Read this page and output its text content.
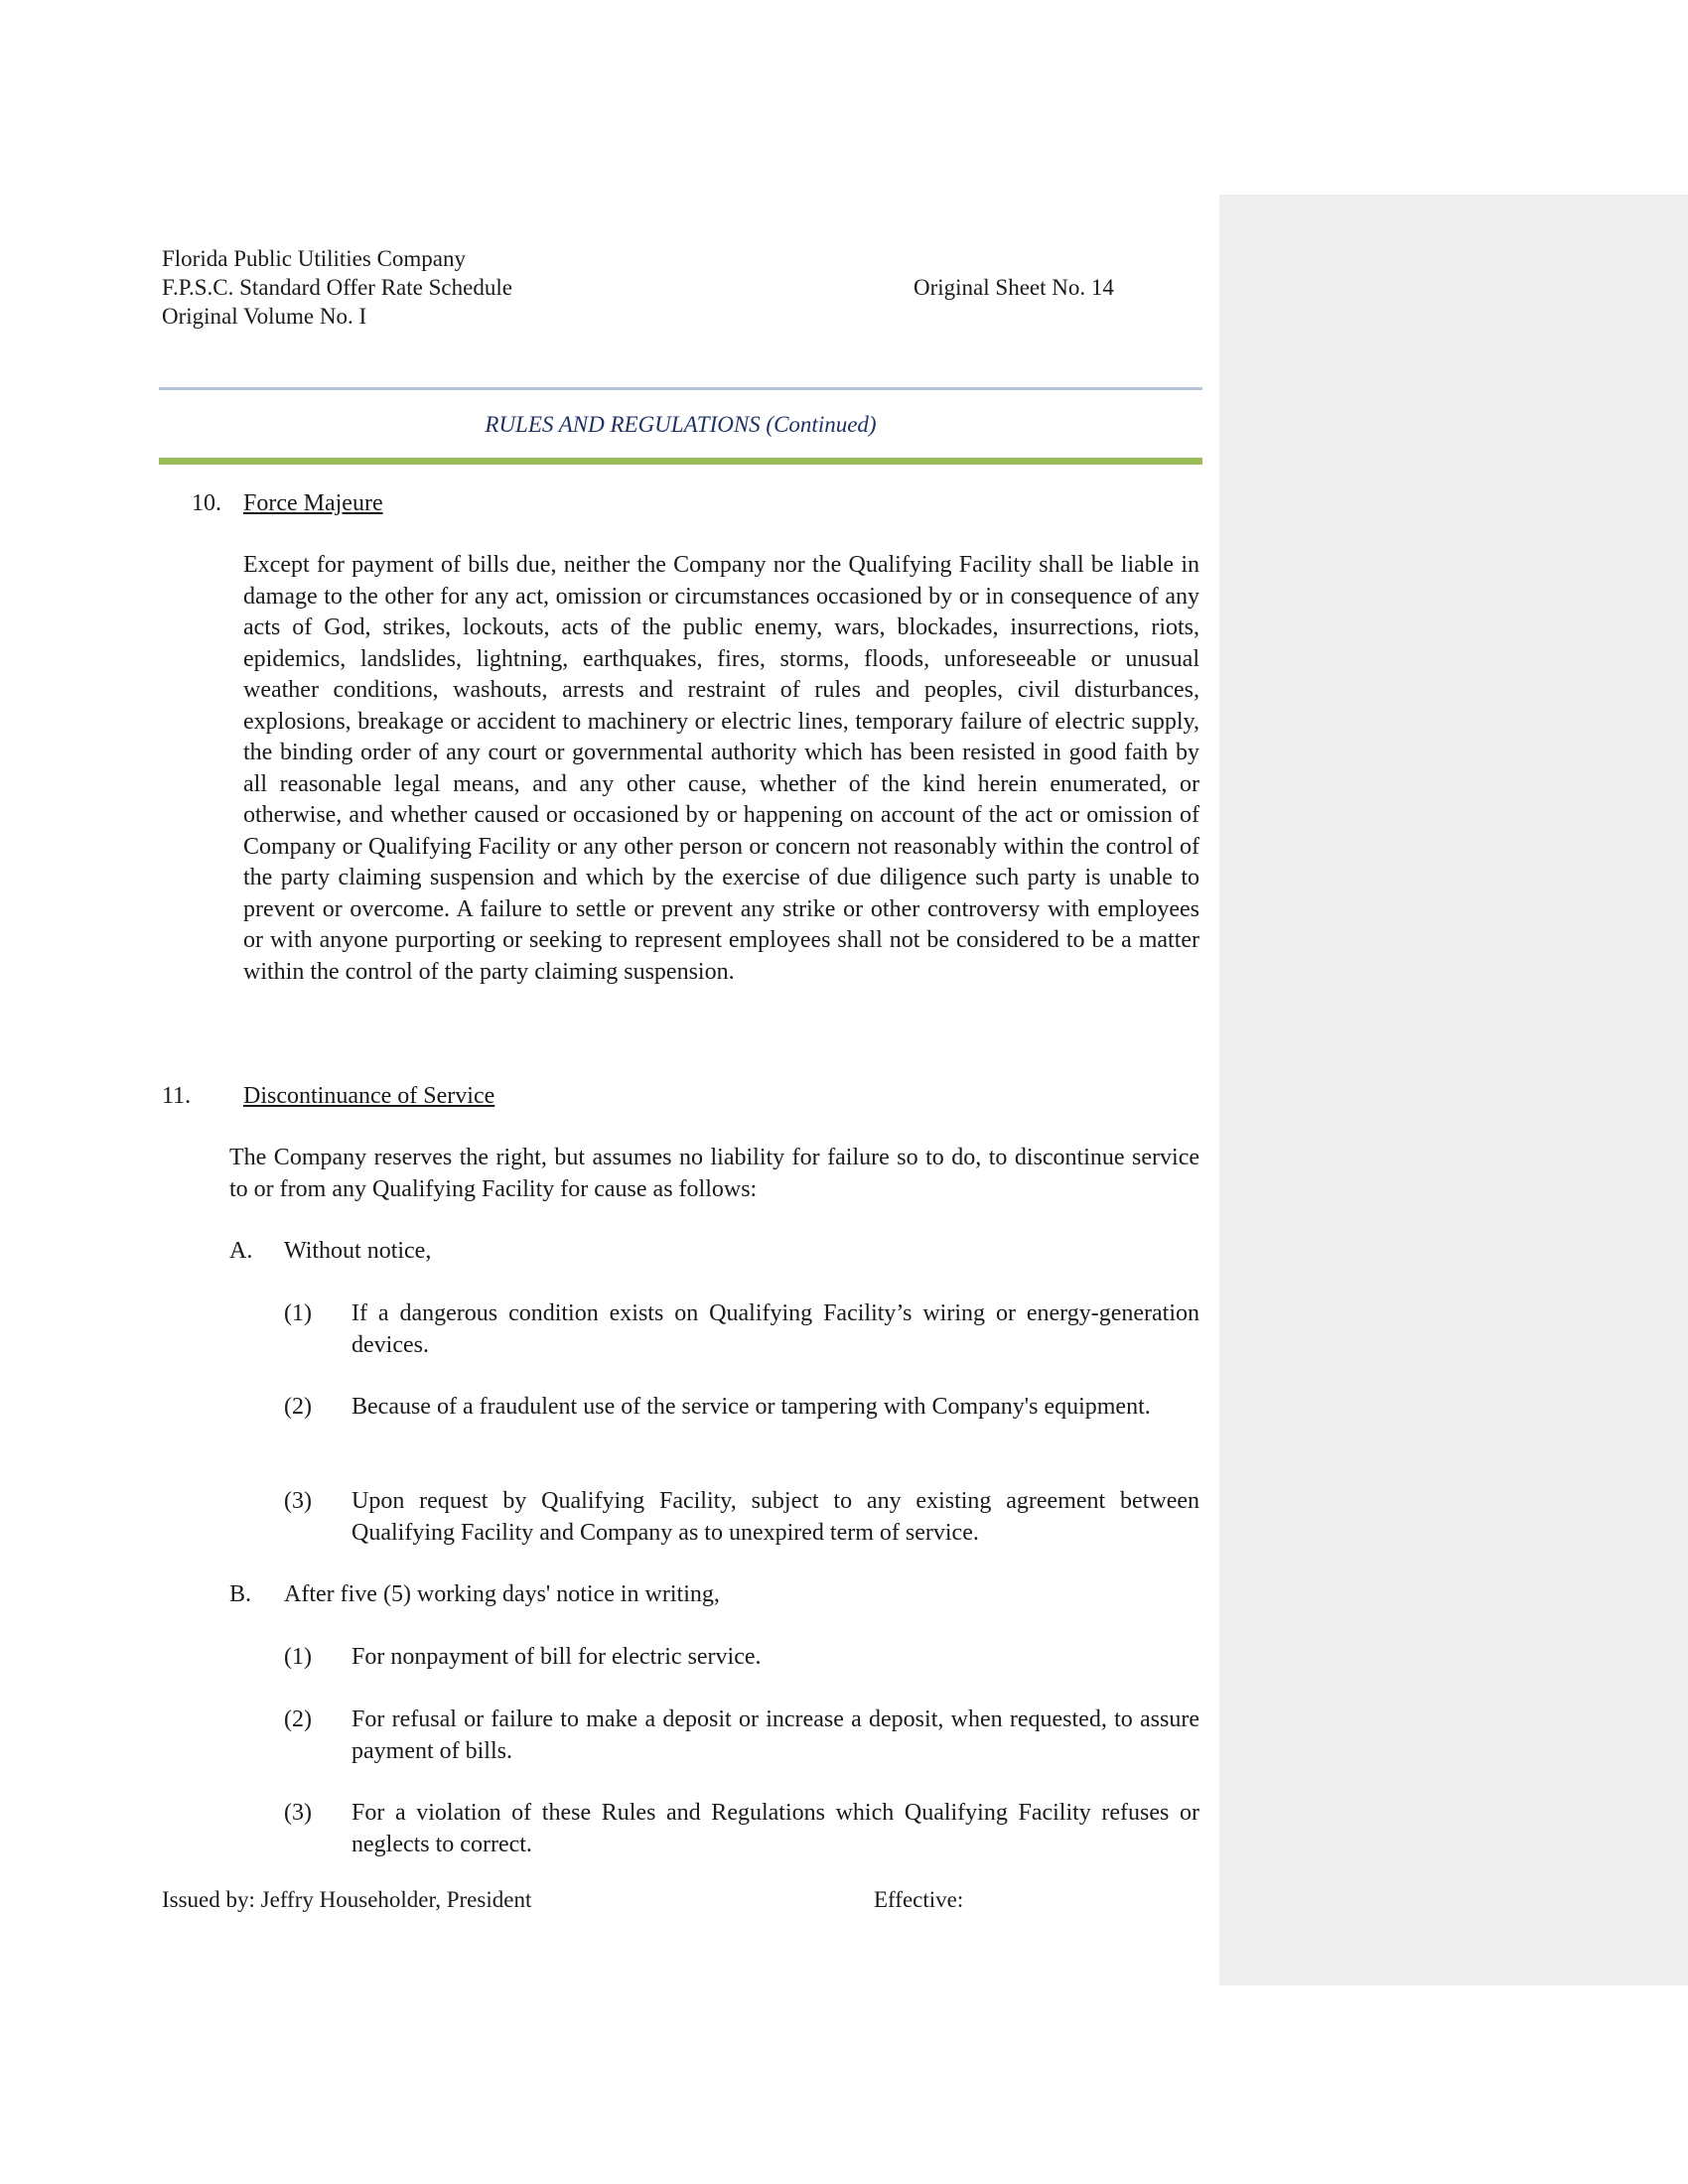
Florida Public Utilities Company
F.P.S.C. Standard Offer Rate Schedule
Original Volume No. I
Original Sheet No. 14
RULES AND REGULATIONS (Continued)
10. Force Majeure
Except for payment of bills due, neither the Company nor the Qualifying Facility shall be liable in damage to the other for any act, omission or circumstances occasioned by or in consequence of any acts of God, strikes, lockouts, acts of the public enemy, wars, blockades, insurrections, riots, epidemics, landslides, lightning, earthquakes, fires, storms, floods, unforeseeable or unusual weather conditions, washouts, arrests and restraint of rules and peoples, civil disturbances, explosions, breakage or accident to machinery or electric lines, temporary failure of electric supply, the binding order of any court or governmental authority which has been resisted in good faith by all reasonable legal means, and any other cause, whether of the kind herein enumerated, or otherwise, and whether caused or occasioned by or happening on account of the act or omission of Company or Qualifying Facility or any other person or concern not reasonably within the control of the party claiming suspension and which by the exercise of due diligence such party is unable to prevent or overcome. A failure to settle or prevent any strike or other controversy with employees or with anyone purporting or seeking to represent employees shall not be considered to be a matter within the control of the party claiming suspension.
11. Discontinuance of Service
The Company reserves the right, but assumes no liability for failure so to do, to discontinue service to or from any Qualifying Facility for cause as follows:
A. Without notice,
(1) If a dangerous condition exists on Qualifying Facility’s wiring or energy-generation devices.
(2) Because of a fraudulent use of the service or tampering with Company's equipment.
(3) Upon request by Qualifying Facility, subject to any existing agreement between Qualifying Facility and Company as to unexpired term of service.
B. After five (5) working days' notice in writing,
(1) For nonpayment of bill for electric service.
(2) For refusal or failure to make a deposit or increase a deposit, when requested, to assure payment of bills.
(3) For a violation of these Rules and Regulations which Qualifying Facility refuses or neglects to correct.
Issued by: Jeffry Householder, President	Effective:
